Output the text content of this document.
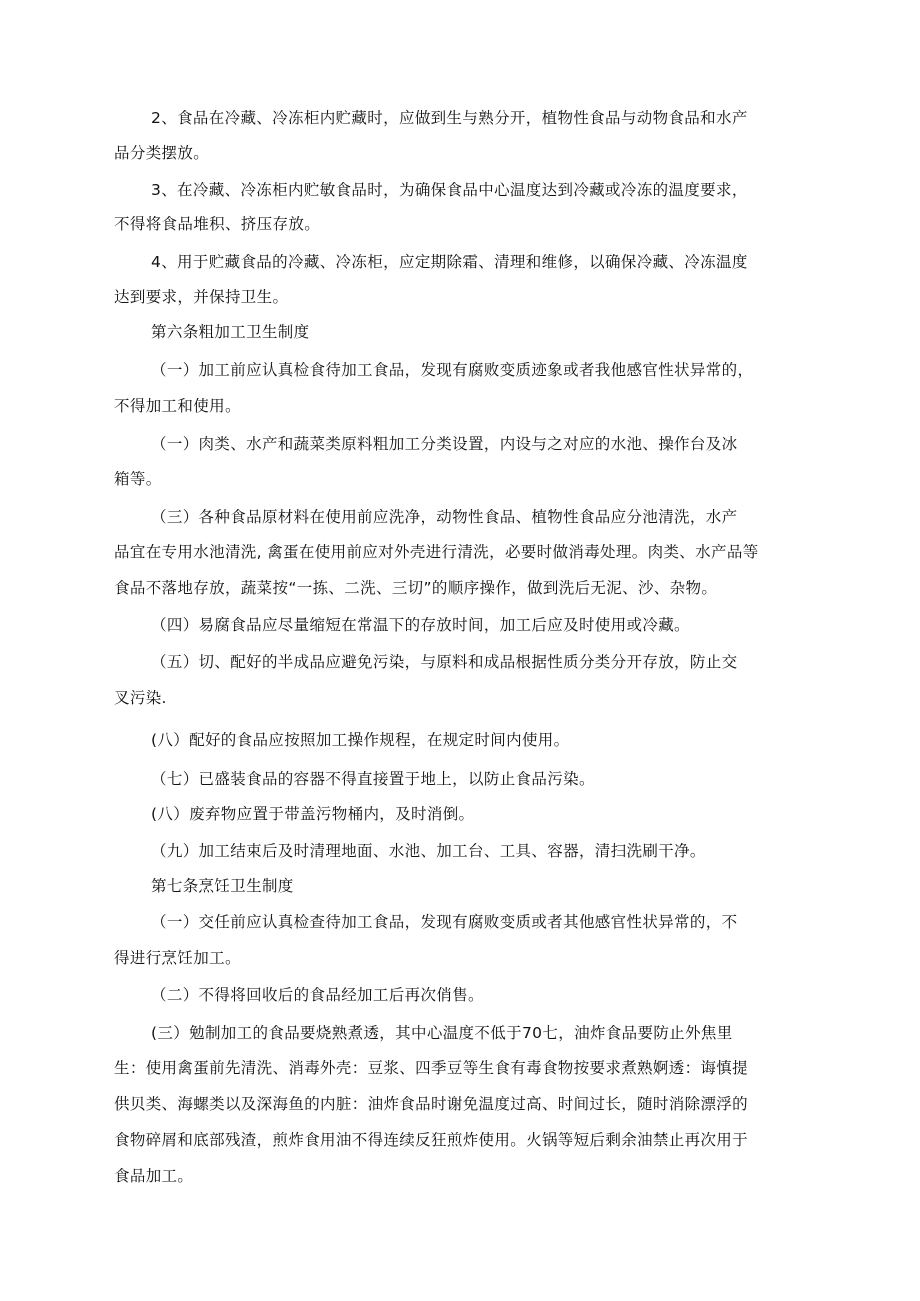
2、食品在冷藏、冷冻柜内贮藏时，应做到生与熟分开，植物性食品与动物食品和水产
品分类摆放。
3、在冷藏、冷冻柜内贮敏食品时，为确保食品中心温度达到冷藏或冷冻的温度要求，
不得将食品堆积、挤压存放。
4、用于贮藏食品的冷藏、冷冻柜，应定期除霜、清理和维修，以确保冷藏、冷冻温度
达到要求，并保持卫生。
第六条粗加工卫生制度
（一）加工前应认真检食待加工食品，发现有腐败变质迹象或者我他感官性状异常的，
不得加工和使用。
（一）肉类、水产和蔬菜类原料粗加工分类设置，内设与之对应的水池、操作台及冰
箱等。
（三）各种食品原材料在使用前应洗净，动物性食品、植物性食品应分池清洗，水产
品宜在专用水池清洗, 禽蛋在使用前应对外壳进行清洗，必要时做消毒处理。肉类、水产品等
食品不落地存放，蔬菜按“一拣、二洗、三切”的顺序操作，做到洗后无泥、沙、杂物。
（四）易腐食品应尽量缩短在常温下的存放时间，加工后应及时使用或冷藏。
（五）切、配好的半成品应避免污染，与原料和成品根据性质分类分开存放，防止交
叉污染.
(八）配好的食品应按照加工操作规程，在规定时间内使用。
（七）已盛装食品的容器不得直接置于地上，以防止食品污染。
(八）废弃物应置于带盖污物桶内，及时消倒。
（九）加工结束后及时清理地面、水池、加工台、工具、容器，清扫洗刷干净。
第七条烹饪卫生制度
（一）交任前应认真检查待加工食品，发现有腐败变质或者其他感官性状异常的，不
得进行烹饪加工。
（二）不得将回收后的食品经加工后再次俏售。
(三）勉制加工的食品要烧熟煮透，其中心温度不低于70七，油炸食品要防止外焦里
生：使用禽蛋前先清洗、消毒外壳：豆浆、四季豆等生食有毒食物按要求煮熟婀透：诲慎提
供贝类、海螺类以及深海鱼的内脏：油炸食品时谢免温度过高、时间过长，随时消除漂浮的
食物碎屑和底部残渣，煎炸食用油不得连续反狂煎炸使用。火锅等短后剩余油禁止再次用于
食品加工。
